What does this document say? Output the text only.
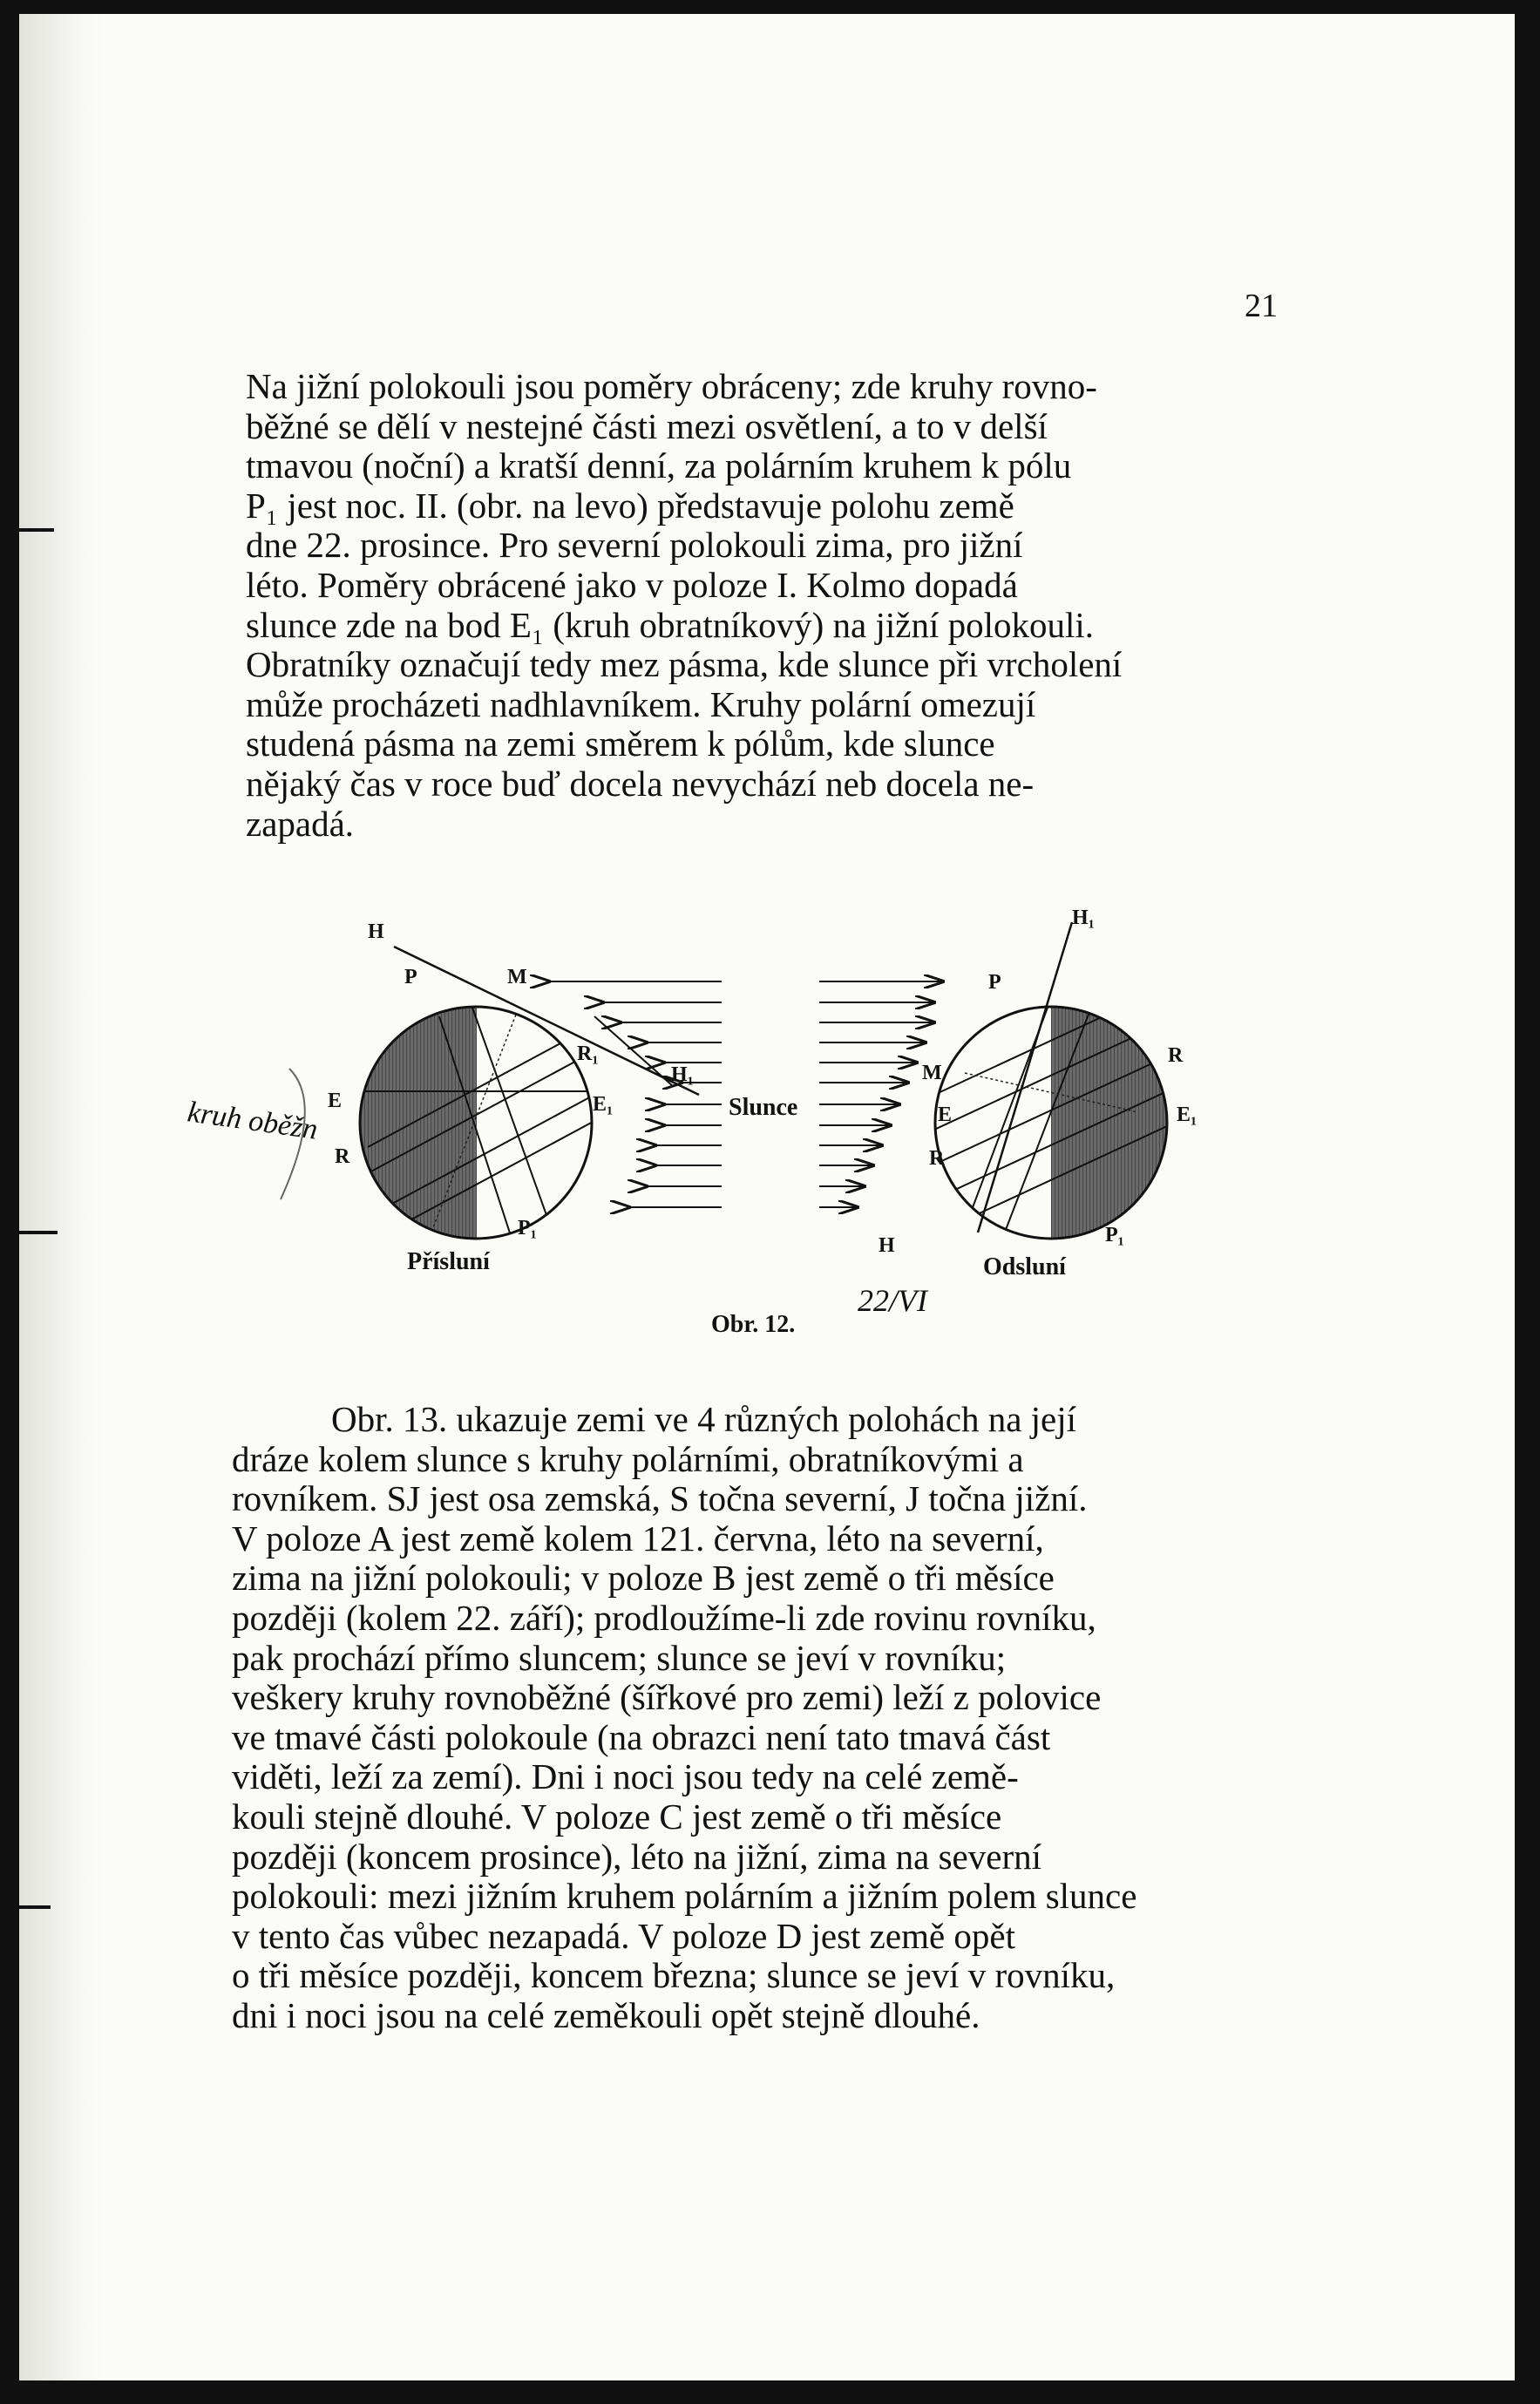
21
Na jižní polokouli jsou poměry obráceny; zde kruhy rovno-
běžné se dělí v nestejné části mezi osvětlení, a to v delší
tmavou (noční) a kratší denní, za polárním kruhem k pólu
P₁ jest noc. II. (obr. na levo) představuje polohu země
dne 22. prosince. Pro severní polokouli zima, pro jižní
léto. Poměry obrácené jako v poloze I. Kolmo dopadá
slunce zde na bod E₁ (kruh obratníkový) na jižní polokouli.
Obratníky označují tedy mez pásma, kde slunce při vrcholení
může procházeti nadhlavníkem. Kruhy polární omezují
studená pásma na zemi směrem k pólům, kde slunce
nějaký čas v roce buď docela nevychází neb docela ne-
zapadá.
H
P	M
R₁
H₁
E	E₁
R
P₁
Přísluní
Slunce
H₁
P
R
M
E	E₁
R
H	P₁
Odsluní
Obr. 12.
kruh oběžn
22/VI
Obr. 13. ukazuje zemi ve 4 různých polohách na její
dráze kolem slunce s kruhy polárními, obratníkovými a
rovníkem. SJ jest osa zemská, S točna severní, J točna jižní.
V poloze A jest země kolem 121. června, léto na severní,
zima na jižní polokouli; v poloze B jest země o tři měsíce
později (kolem 22. září); prodloužíme-li zde rovinu rovníku,
pak prochází přímo sluncem; slunce se jeví v rovníku;
veškery kruhy rovnoběžné (šířkové pro zemi) leží z polovice
ve tmavé části polokoule (na obrazci není tato tmavá část
viděti, leží za zemí). Dni i noci jsou tedy na celé země-
kouli stejně dlouhé. V poloze C jest země o tři měsíce
později (koncem prosince), léto na jižní, zima na severní
polokouli: mezi jižním kruhem polárním a jižním polem slunce
v tento čas vůbec nezapadá. V poloze D jest země opět
o tři měsíce později, koncem března; slunce se jeví v rovníku,
dni i noci jsou na celé zeměkouli opět stejně dlouhé.
